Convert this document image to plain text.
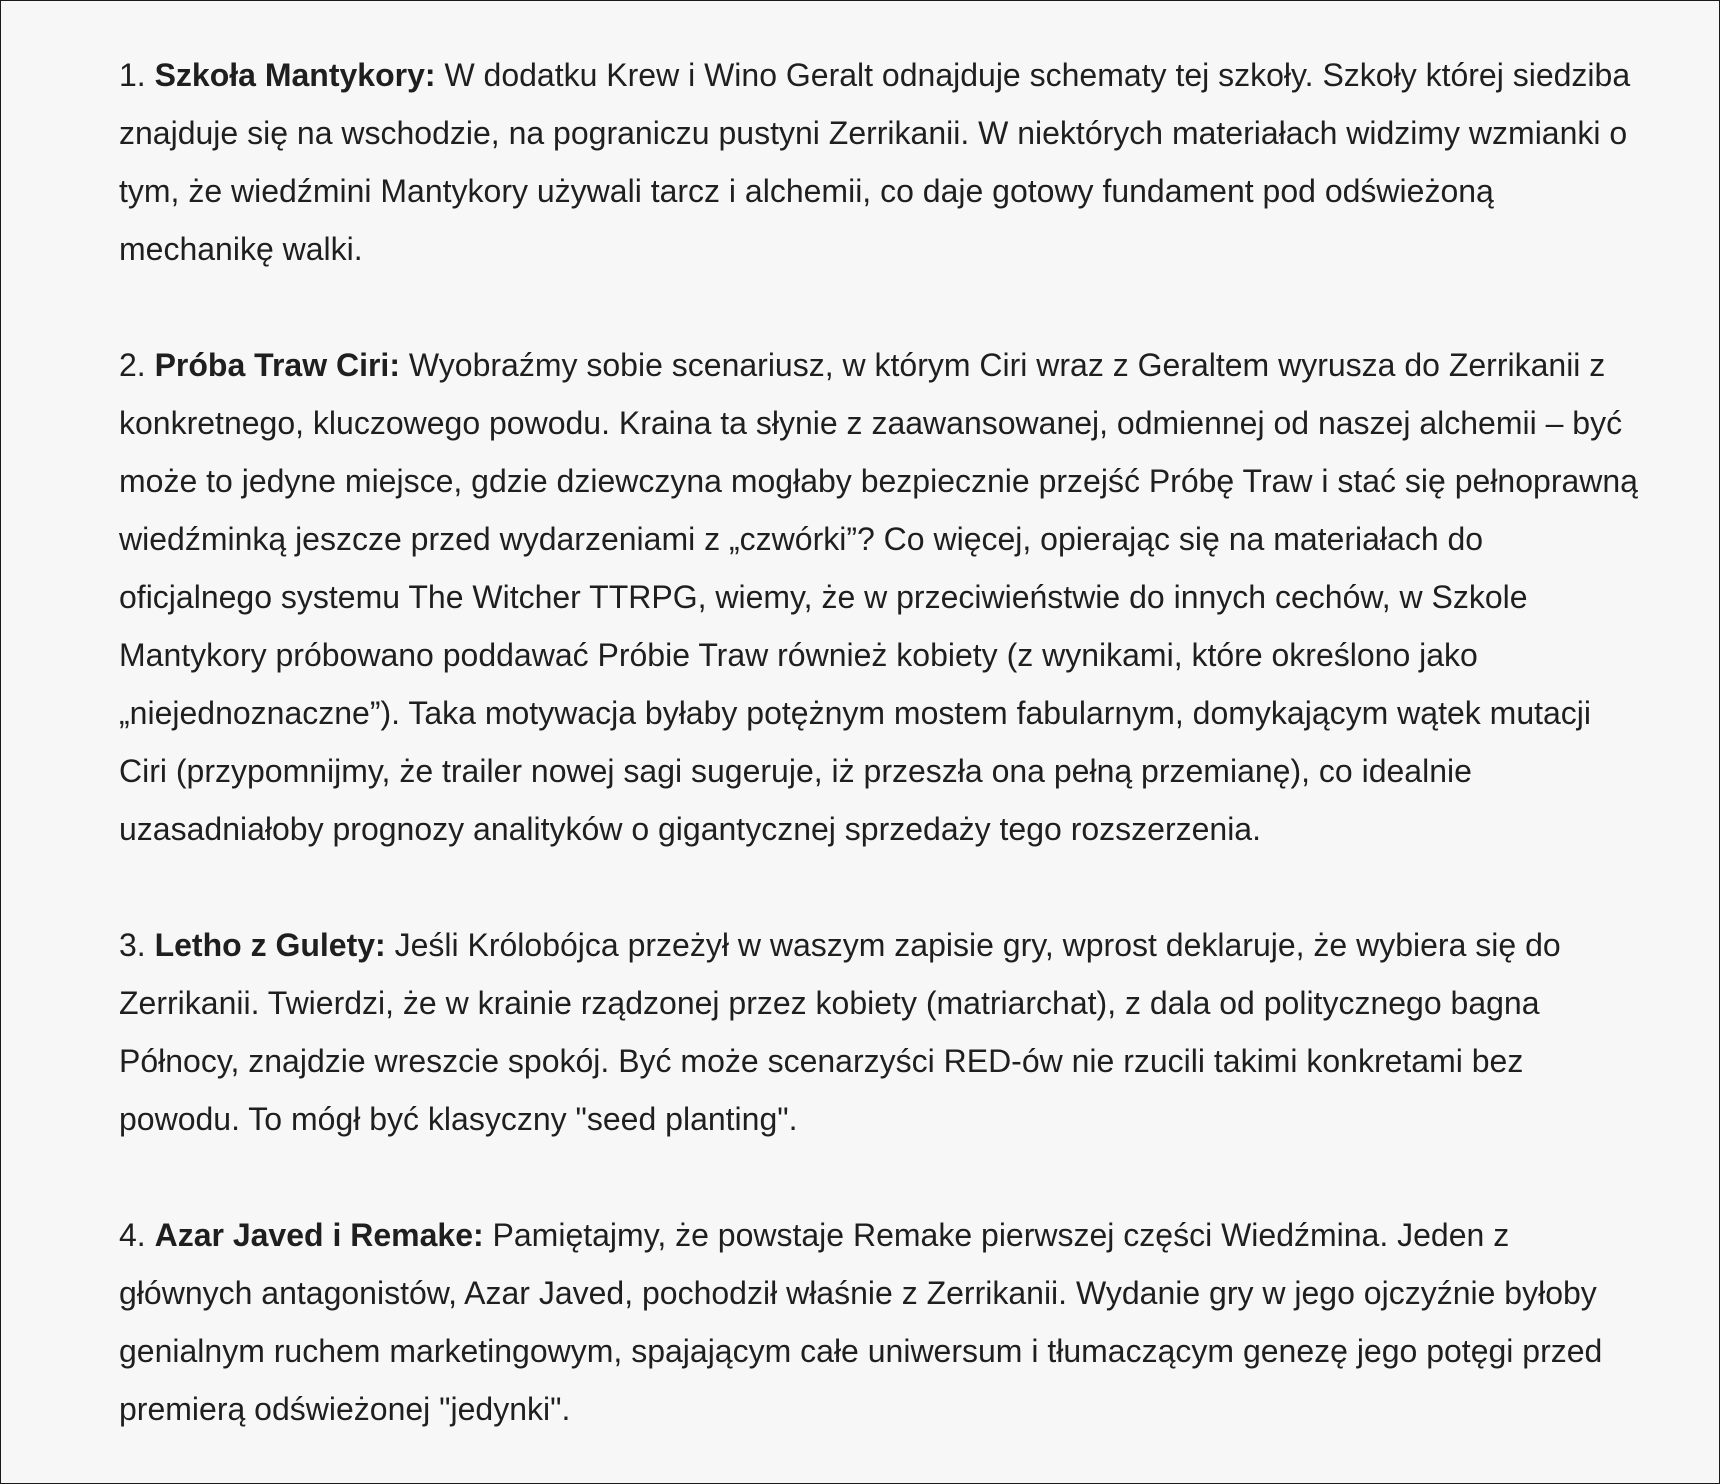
1. Szkoła Mantykory: W dodatku Krew i Wino Geralt odnajduje schematy tej szkoły. Szkoły której siedziba znajduje się na wschodzie, na pograniczu pustyni Zerrikanii. W niektórych materiałach widzimy wzmianki o tym, że wiedźmini Mantykory używali tarcz i alchemii, co daje gotowy fundament pod odświeżoną mechanikę walki.

2. Próba Traw Ciri: Wyobraźmy sobie scenariusz, w którym Ciri wraz z Geraltem wyrusza do Zerrikanii z konkretnego, kluczowego powodu. Kraina ta słynie z zaawansowanej, odmiennej od naszej alchemii – być może to jedyne miejsce, gdzie dziewczyna mogłaby bezpiecznie przejść Próbę Traw i stać się pełnoprawną wiedźminką jeszcze przed wydarzeniami z „czwórki”? Co więcej, opierając się na materiałach do oficjalnego systemu The Witcher TTRPG, wiemy, że w przeciwieństwie do innych cechów, w Szkole Mantykory próbowano poddawać Próbie Traw również kobiety (z wynikami, które określono jako „niejednoznaczne”). Taka motywacja byłaby potężnym mostem fabularnym, domykającym wątek mutacji Ciri (przypomnijmy, że trailer nowej sagi sugeruje, iż przeszła ona pełną przemianę), co idealnie uzasadniałoby prognozy analityków o gigantycznej sprzedaży tego rozszerzenia.

3. Letho z Gulety: Jeśli Królobójca przeżył w waszym zapisie gry, wprost deklaruje, że wybiera się do Zerrikanii. Twierdzi, że w krainie rządzonej przez kobiety (matriarchat), z dala od politycznego bagna Północy, znajdzie wreszcie spokój. Być może scenarzyści RED-ów nie rzucili takimi konkretami bez powodu. To mógł być klasyczny "seed planting".

4. Azar Javed i Remake: Pamiętajmy, że powstaje Remake pierwszej części Wiedźmina. Jeden z głównych antagonistów, Azar Javed, pochodził właśnie z Zerrikanii. Wydanie gry w jego ojczyźnie byłoby genialnym ruchem marketingowym, spajającym całe uniwersum i tłumaczącym genezę jego potęgi przed premierą odświeżonej "jedynki".
